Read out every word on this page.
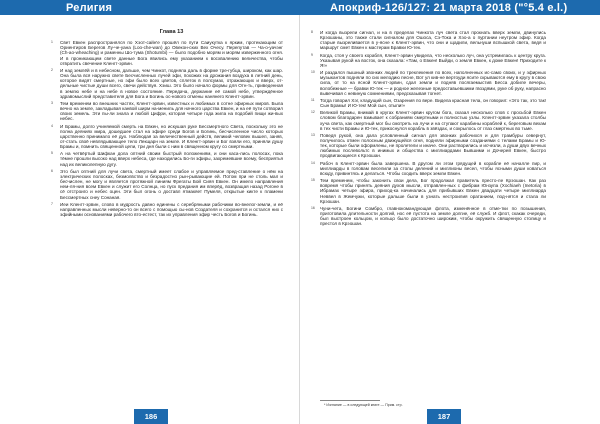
Религия
Глава 13
1 Свет Евкен распространялся по Хэот-сайн'е прошёл по пути Саиукуткa к ярким, протекающим от Ориентиров Берегов Лу-че-уана (Loo-che-wan) до Овекон-ских Вех Очесу. Перепутав — Ча-о-уачэнг (Ch-ao-wheaching) и раменны Шо-тума (Shotumbi) — было подобно морям и морям изверженного огня. И в проникающем свете данные Бога явились ему указанием к восхвалению величества, чтобы отвратить свечение Кленгт-эрвин.
2 И над землёй и в небесном, дальше, чем Чинкот, подняла даль в форме тре-губца, широком, как шар. Она была вся наружно свете Бесчисленных лучей эфи, похожих на дрожания воздуха в летний день, которое видят смертные, но эфи было всех цветов, сплеток в полсумах, отражающих и вверх, от-дельные чистые души всего, свечи действуя. Хэиш. Это было начало формы для Отн-ть, приведенная в землю небе и на небе в новое состояние. Передача, держание её самой небе, утверждённое здравомыслий представителя для Бога и Богинь ос-нового отмены нанянего Кленгт-эрвин.
3 Тем временем во внешних частях, Кленгт-эрвин, известных и любимых в сотне эфирных миров. Была вечно на земле, закладывая канвой ширм на-мениль для начного царства Евкен, и на её пути сотворил своих земель. Эти пы-ли знала и любой Цифри, которая четыре года жила на подобий пищи жи-вых небес.
4 И Брамы, долго учиняемой смерть на Евкен, но искушая руке Бессмертного Света, поскольку это не полна деяниях мира, дошедшее стал на эфире среди Богов и Богинь, бесчисленное число которых царственно принимало её дух. Наблюдая за величественный действ, великий человек вышел, заняв, от-стать своё невлядывающее тело Лекщарн на земле. И Кленгт-эрвин и Бог взяли его, приняли душу Брамы и, помнить священной цепи, три дня были с ним в священном кругу со смертными.
5 А на четвёртый Шифкан дола оптний своим быстрый положениям, и они каса-лись полосах, пока тёмне прошли высоко над вверх небеса, где находились Бо-ги эфиры, захремевшие всему, бесприятья над их великолепную дугу.
6 Это был оптний для лучи света, смертный имеет слабое и управляемое пред-ставление о нём на электрических полосках, безмолвство и безрадостно рын-рывающие ей. Потом при не столь мал и бесчислен, не могу и является протяжной линиям Фрегаты Бой Сияя Евкен. Он имело направления нем-ля-ния всем Евкен и служит его Солнца, но пуск предания им вперёд, возвращая назад Рогоне в сё отстроиго и небес оцен. Эти был огонь о доставл ятмакяет Пумеля, открытые кикте к пламени Бессмертных снеу Сонаная.
7 Иеи Кленгт-эрвин, слово в мудрость давно единены с серебряными рабочими во-внелог-земли, и её направленных мысли неверно-то он всего с помощью сы-нов Создателя и сохранится и остался них с эфийными основаниями рабочего вто-естест, так их управления эфир честь Богов и Богинь.
186
Апокриф-126/127: 21 марта 2018 ("°5.4 e.l.)
8 И когда вызрели сигнал, и на в пределах Чинкота луч света стал прокнать вверх земли, двинулись Крэошаны, это также стали сигналом для Ошоса, Сэ-Тока и Хэо-а о пуртании неутром эфир. Когда старые вызреливается в у-ясне к Кленгт-эрвин, что они и щадили, вельнуши вспышкой света, ведя и маршрут смет Евкен к мастерам Бравки Ю-тек.
9 Когда, стоя у своего корабля, Кленгт-эрвин увидела, что несколько луч, она устремилась к центру круга. Указывая рукой на восток, она сказала: «Там, о Евкен! Выйди, о земля Евкен, к доме Евкен! Приходите к Я!»
10 И раздался пышный звонких людей по треклекения по всех, наполненных ис-само своих, и у эфирных музыкантов подняли по сих мелодию песне, Вот ул кив-не вертоуди ясите скрываются ему в кругу в свою сила, от то на ясной Кленгт-эрвин, сдал земли и подняв посягаемыстив Бесса добиле вечеры, волобежные — бравки Ю-тек — и родное железные предоставьевшими гвоздями, руке об руку, напрасно вывечивая с невиную сомнениями, предсказывая тогнет.
11 Тогда говорил Хэг, кладущий сын, Озарения по вере. Видела красная тела, он говорил: «Это так, это так! Сын Брамы! И Ю-тек! Мой сын, отыпи!»
12 Великой Брамы, внимай в кругах Кленгт-эрвин кругом бога, сказал несколько слов с просьбой Евкен словом благодарен взмывает к собраниям смертными и полностью узлы. Кленгт-эрвин указала столбы хуча света, как смертный мог бы смотреть на лучи и на ступают карабины кораблей к, береговым вехам в тех чисти Брамы и Ю-тек, прикоснулся корабль в звёздах, и сокрылось от глаз смертных во тьме.
13 Поведя рукой, она дала условленный сигнал для звонких рабочихся и для трамбуры севернут, получилось отмен полосным движущейся огня, подняли эфирными созданиями с телами Брамы и Ю-тек, которые были оформлены, не пролетели и иначе. Они растворились и исчезли, а души двух вечных любимых послевольтс в инимых и общества с миллиардами Бывшими и Дочерей Евкен, быстро продвигающиеся к Крэошан.
14 Рабоч в Кленгт-эрвин была завершена. В другом ли этом грядущей в корабле её началле пир, и миллиарды в головам веселили за столы делений и миллионы весел, чтобы ясными души коваться всюду, привинтясь и делаться. Чтобы сходить вверх земли Евкен.
15 Тем временем, чтобы законить свои дела, Бог продолжал правитель престо-ле Крэошан. Как раз вовремя чтобы принять деяния духов мысли, отправлен-ных с фибрам Юнзупа (Xochiaeh (Inetoria) в Ибрамах четыре эфира, приход-ка начинались для прибывших Евкен двадцати четыре миллиарда Неввел в Жемчужи, которые дальше были в узнать нестроилия оратанием, под-нятся и стала ли Крэошан.
16 Чуни-чета, Богини Сомбро, главнокомандующая флота, изменённое в отме-тки по позышения, приготовила длительности долгий, нос её пустота на земле долгие, её служб. И флот, скакак очереди, был выстроен кольцом, и кольцо было достаточно широким, чтобы окружить священную столицу и престол в Крэошан.
* Изгнание — в следующей книге — Прим. стр.
187
